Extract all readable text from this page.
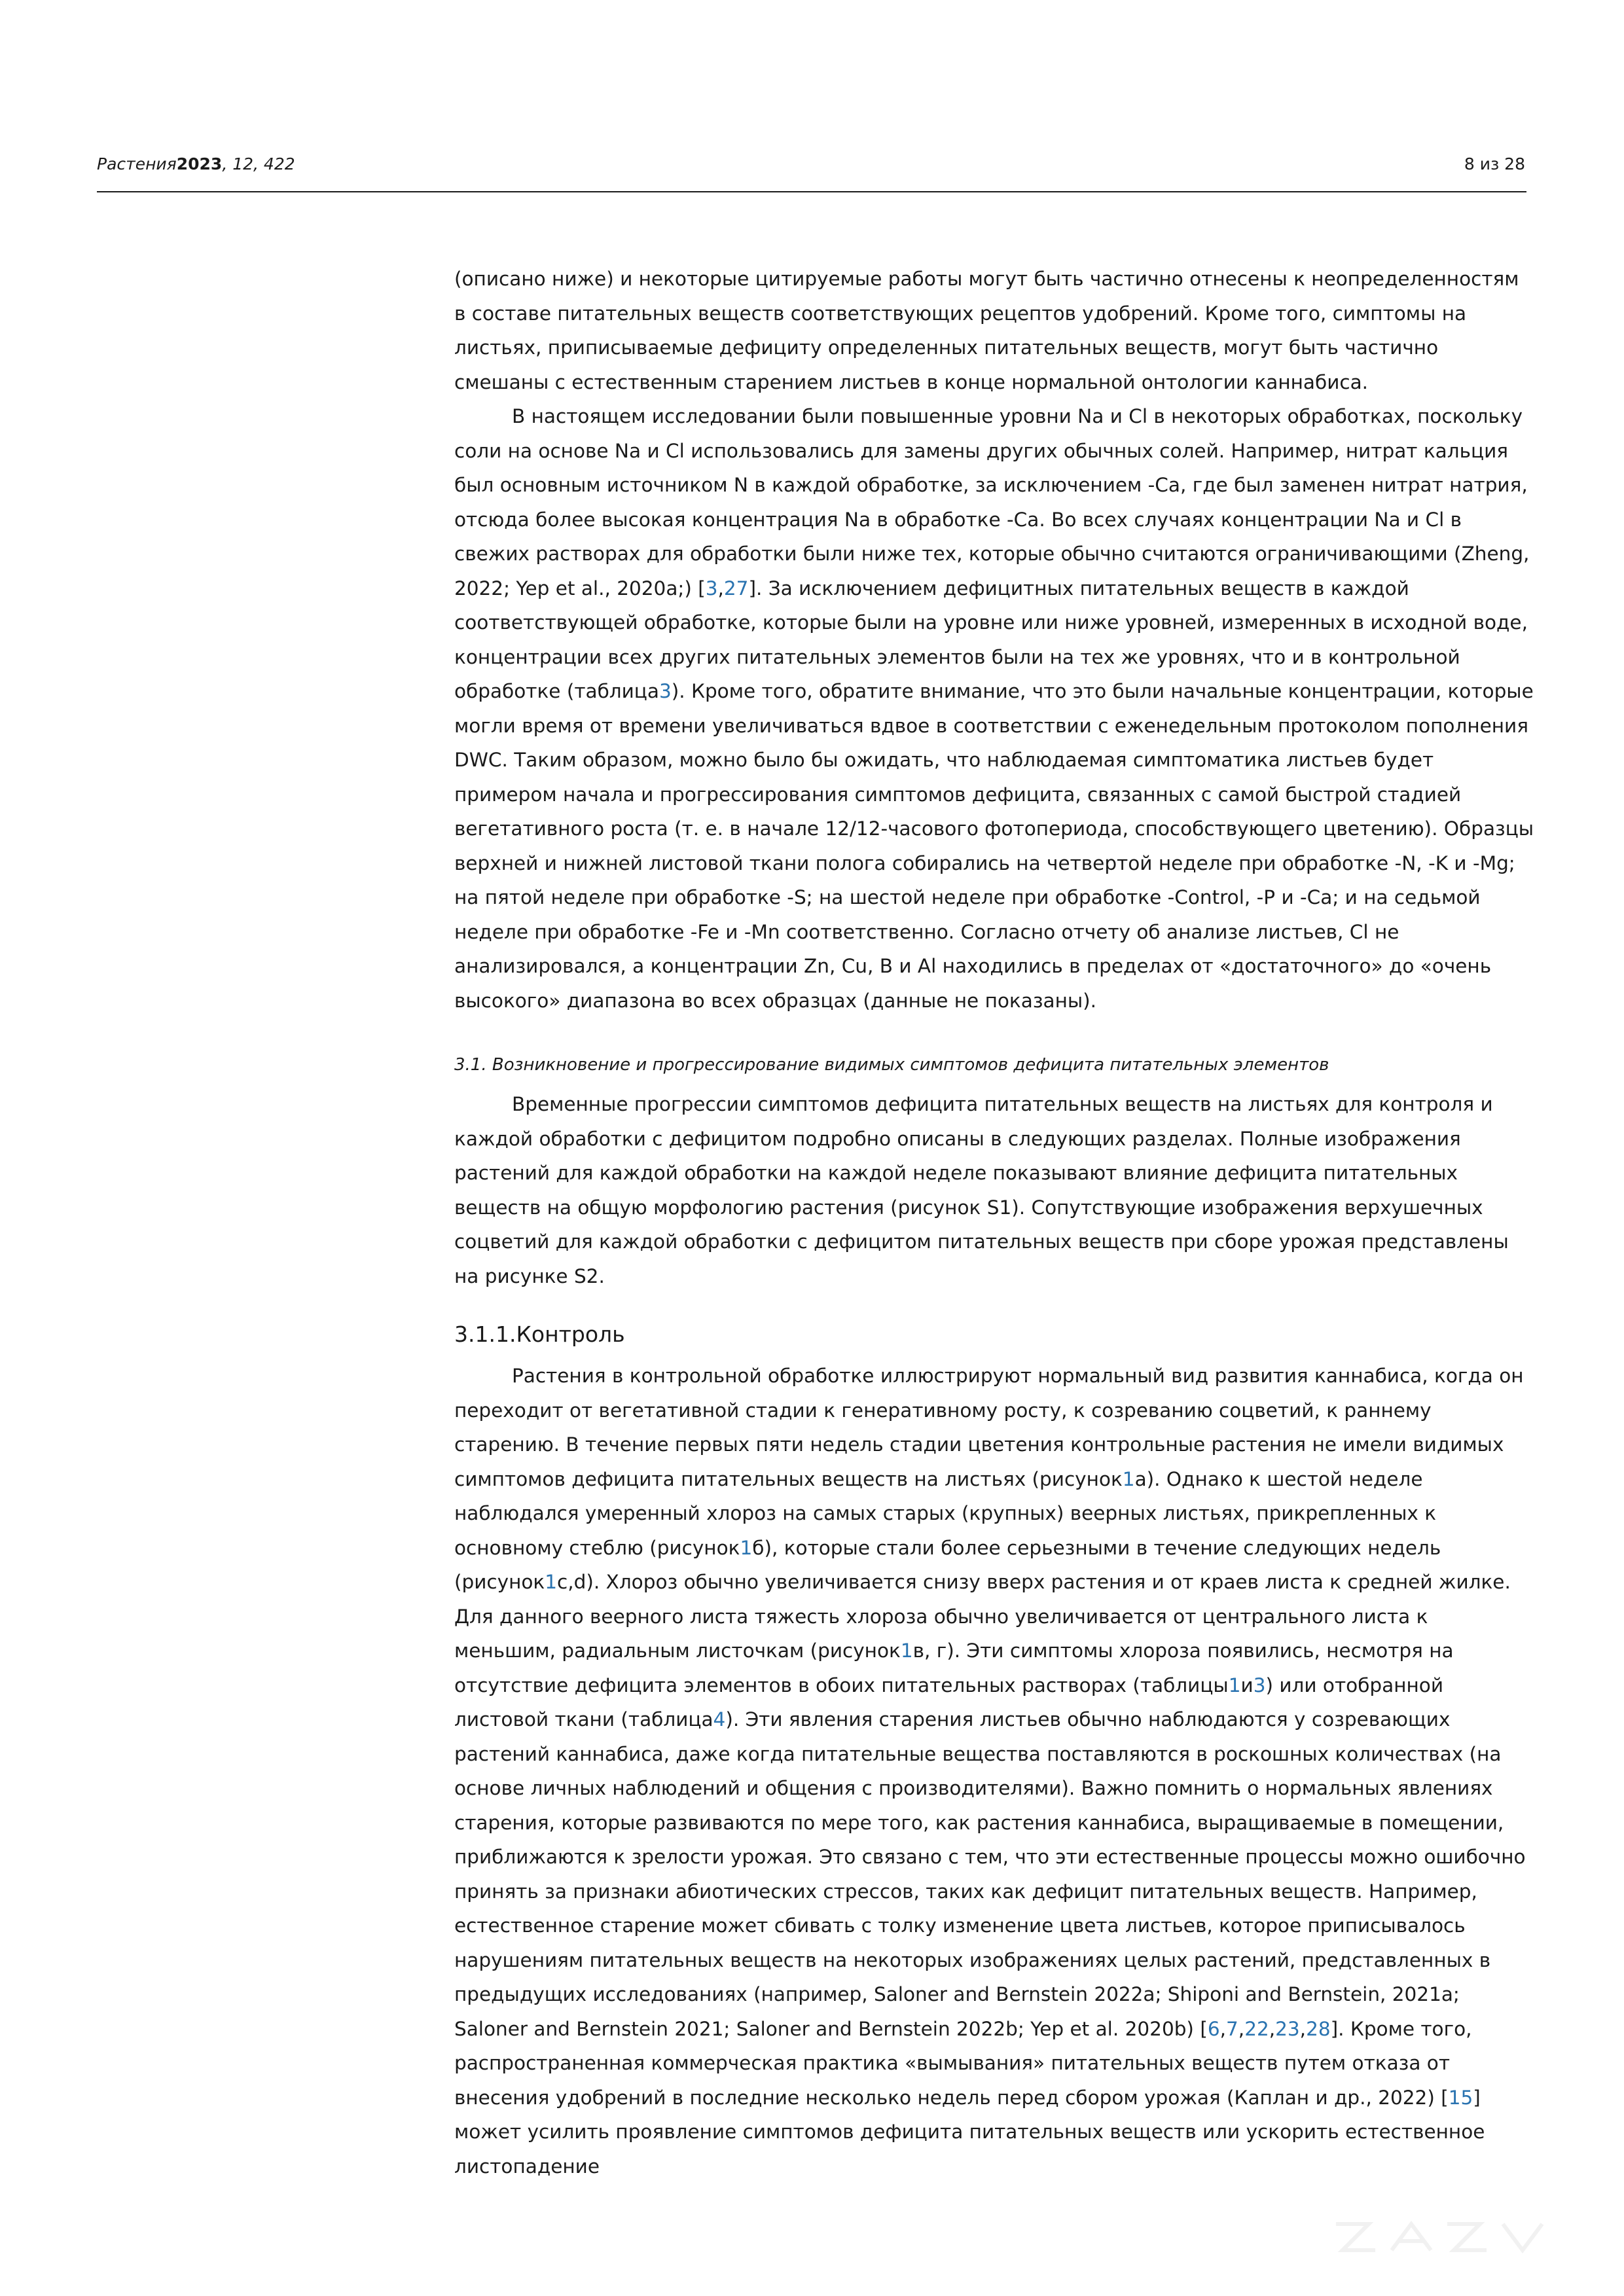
Растения2023, 12, 422	8 из 28

(описано ниже) и некоторые цитируемые работы могут быть частично отнесены к неопределенностям в составе питательных веществ соответствующих рецептов удобрений. Кроме того, симптомы на листьях, приписываемые дефициту определенных питательных веществ, могут быть частично смешаны с естественным старением листьев в конце нормальной онтологии каннабиса.

В настоящем исследовании были повышенные уровни Na и Cl в некоторых обработках, поскольку соли на основе Na и Cl использовались для замены других обычных солей. Например, нитрат кальция был основным источником N в каждой обработке, за исключением -Ca, где был заменен нитрат натрия, отсюда более высокая концентрация Na в обработке -Ca. Во всех случаях концентрации Na и Cl в свежих растворах для обработки были ниже тех, которые обычно считаются ограничивающими (Zheng, 2022; Yep et al., 2020a;) [3,27]. За исключением дефицитных питательных веществ в каждой соответствующей обработке, которые были на уровне или ниже уровней, измеренных в исходной воде, концентрации всех других питательных элементов были на тех же уровнях, что и в контрольной обработке (таблица3). Кроме того, обратите внимание, что это были начальные концентрации, которые могли время от времени увеличиваться вдвое в соответствии с еженедельным протоколом пополнения DWC. Таким образом, можно было бы ожидать, что наблюдаемая симптоматика листьев будет примером начала и прогрессирования симптомов дефицита, связанных с самой быстрой стадией вегетативного роста (т. е. в начале 12/12-часового фотопериода, способствующего цветению). Образцы верхней и нижней листовой ткани полога собирались на четвертой неделе при обработке -N, -K и -Mg; на пятой неделе при обработке -S; на шестой неделе при обработке -Control, -P и -Ca; и на седьмой неделе при обработке -Fe и -Mn соответственно. Согласно отчету об анализе листьев, Cl не анализировался, а концентрации Zn, Cu, B и Al находились в пределах от «достаточного» до «очень высокого» диапазона во всех образцах (данные не показаны).

3.1. Возникновение и прогрессирование видимых симптомов дефицита питательных элементов

Временные прогрессии симптомов дефицита питательных веществ на листьях для контроля и каждой обработки с дефицитом подробно описаны в следующих разделах. Полные изображения растений для каждой обработки на каждой неделе показывают влияние дефицита питательных веществ на общую морфологию растения (рисунок S1). Сопутствующие изображения верхушечных соцветий для каждой обработки с дефицитом питательных веществ при сборе урожая представлены на рисунке S2.

3.1.1.Контроль

Растения в контрольной обработке иллюстрируют нормальный вид развития каннабиса, когда он переходит от вегетативной стадии к генеративному росту, к созреванию соцветий, к раннему старению. В течение первых пяти недель стадии цветения контрольные растения не имели видимых симптомов дефицита питательных веществ на листьях (рисунок1а). Однако к шестой неделе наблюдался умеренный хлороз на самых старых (крупных) веерных листьях, прикрепленных к основному стеблю (рисунок1б), которые стали более серьезными в течение следующих недель (рисунок1c,d). Хлороз обычно увеличивается снизу вверх растения и от краев листа к средней жилке. Для данного веерного листа тяжесть хлороза обычно увеличивается от центрального листа к меньшим, радиальным листочкам (рисунок1в, г). Эти симптомы хлороза появились, несмотря на отсутствие дефицита элементов в обоих питательных растворах (таблицы1и3) или отобранной листовой ткани (таблица4). Эти явления старения листьев обычно наблюдаются у созревающих растений каннабиса, даже когда питательные вещества поставляются в роскошных количествах (на основе личных наблюдений и общения с производителями). Важно помнить о нормальных явлениях старения, которые развиваются по мере того, как растения каннабиса, выращиваемые в помещении, приближаются к зрелости урожая. Это связано с тем, что эти естественные процессы можно ошибочно принять за признаки абиотических стрессов, таких как дефицит питательных веществ. Например, естественное старение может сбивать с толку изменение цвета листьев, которое приписывалось нарушениям питательных веществ на некоторых изображениях целых растений, представленных в предыдущих исследованиях (например, Saloner and Bernstein 2022a; Shiponi and Bernstein, 2021a; Saloner and Bernstein 2021; Saloner and Bernstein 2022b; Yep et al. 2020b) [6,7,22,23,28]. Кроме того, распространенная коммерческая практика «вымывания» питательных веществ путем отказа от внесения удобрений в последние несколько недель перед сбором урожая (Каплан и др., 2022) [15] может усилить проявление симптомов дефицита питательных веществ или ускорить естественное листопадение
